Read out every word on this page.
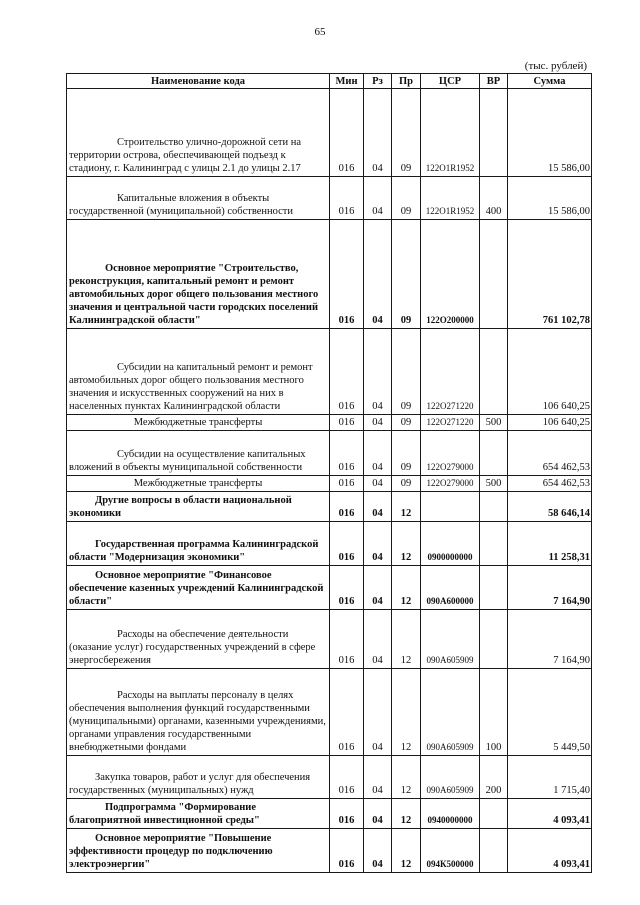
65
(тыс. рублей)
Наименование кода	Мин	Рз	Пр	ЦСР	ВР	Сумма

Строительство улично-дорожной сети на территории острова, обеспечивающей подъезд к стадиону, г. Калининград с улицы 2.1 до улицы 2.17	016	04	09	122O1R1952		15 586,00

Капитальные вложения в объекты государственной (муниципальной) собственности	016	04	09	122O1R1952	400	15 586,00

Основное мероприятие "Строительство, реконструкция, капитальный ремонт и ремонт автомобильных дорог общего пользования местного значения и центральной части городских поселений Калининградской области"	016	04	09	122O200000		761 102,78

Субсидии на капитальный ремонт и ремонт автомобильных дорог общего пользования местного значения и искусственных сооружений на них в населенных пунктах Калининградской области	016	04	09	122O271220		106 640,25

Межбюджетные трансферты	016	04	09	122O271220	500	106 640,25

Субсидии на осуществление капитальных вложений в объекты муниципальной собственности	016	04	09	122O279000		654 462,53

Межбюджетные трансферты	016	04	09	122O279000	500	654 462,53

Другие вопросы в области национальной экономики	016	04	12			58 646,14

Государственная программа Калининградской области "Модернизация экономики"	016	04	12	0900000000		11 258,31

Основное мероприятие "Финансовое обеспечение казенных учреждений Калининградской области"	016	04	12	090А600000		7 164,90

Расходы на обеспечение деятельности (оказание услуг) государственных учреждений в сфере энергосбережения	016	04	12	090А605909		7 164,90

Расходы на выплаты персоналу в целях обеспечения выполнения функций государственными (муниципальными) органами, казенными учреждениями, органами управления государственными внебюджетными фондами	016	04	12	090А605909	100	5 449,50

Закупка товаров, работ и услуг для обеспечения государственных (муниципальных) нужд	016	04	12	090А605909	200	1 715,40

Подпрограмма "Формирование благоприятной инвестиционной среды"	016	04	12	0940000000		4 093,41

Основное мероприятие "Повышение эффективности процедур по подключению электроэнергии"	016	04	12	094К500000		4 093,41
